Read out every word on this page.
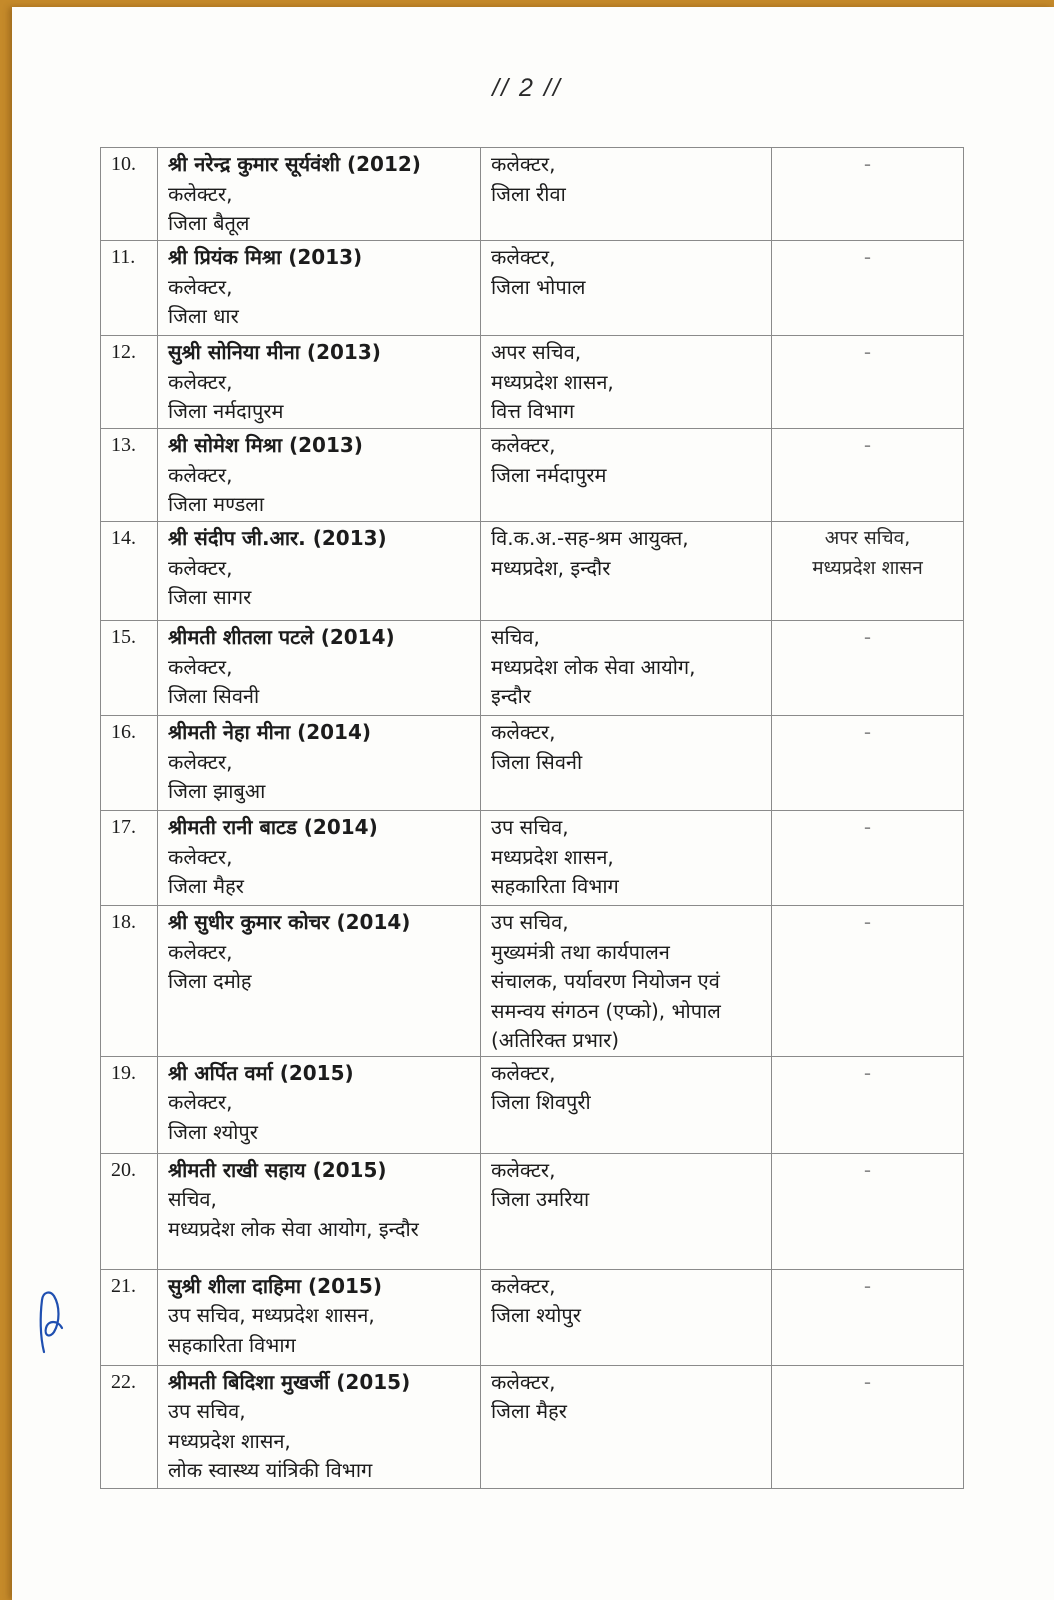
// 2 //
10.	श्री नरेन्द्र कुमार सूर्यवंशी (2012)
कलेक्टर,
जिला बैतूल	कलेक्टर,
जिला रीवा	-

11.	श्री प्रियंक मिश्रा (2013)
कलेक्टर,
जिला धार	कलेक्टर,
जिला भोपाल	-

12.	सुश्री सोनिया मीना (2013)
कलेक्टर,
जिला नर्मदापुरम	अपर सचिव,
मध्यप्रदेश शासन,
वित्त विभाग	-

13.	श्री सोमेश मिश्रा (2013)
कलेक्टर,
जिला मण्डला	कलेक्टर,
जिला नर्मदापुरम	-

14.	श्री संदीप जी.आर. (2013)
कलेक्टर,
जिला सागर	वि.क.अ.-सह-श्रम आयुक्त,
मध्यप्रदेश, इन्दौर	अपर सचिव,
मध्यप्रदेश शासन

15.	श्रीमती शीतला पटले (2014)
कलेक्टर,
जिला सिवनी	सचिव,
मध्यप्रदेश लोक सेवा आयोग,
इन्दौर	-

16.	श्रीमती नेहा मीना (2014)
कलेक्टर,
जिला झाबुआ	कलेक्टर,
जिला सिवनी	-

17.	श्रीमती रानी बाटड (2014)
कलेक्टर,
जिला मैहर	उप सचिव,
मध्यप्रदेश शासन,
सहकारिता विभाग	-

18.	श्री सुधीर कुमार कोचर (2014)
कलेक्टर,
जिला दमोह	उप सचिव,
मुख्यमंत्री तथा कार्यपालन
संचालक, पर्यावरण नियोजन एवं
समन्वय संगठन (एप्को), भोपाल
(अतिरिक्त प्रभार)	-

19.	श्री अर्पित वर्मा (2015)
कलेक्टर,
जिला श्योपुर	कलेक्टर,
जिला शिवपुरी	-

20.	श्रीमती राखी सहाय (2015)
सचिव,
मध्यप्रदेश लोक सेवा आयोग, इन्दौर	कलेक्टर,
जिला उमरिया	-

21.	सुश्री शीला दाहिमा (2015)
उप सचिव, मध्यप्रदेश शासन,
सहकारिता विभाग	कलेक्टर,
जिला श्योपुर	-

22.	श्रीमती बिदिशा मुखर्जी (2015)
उप सचिव,
मध्यप्रदेश शासन,
लोक स्वास्थ्य यांत्रिकी विभाग	कलेक्टर,
जिला मैहर	-
